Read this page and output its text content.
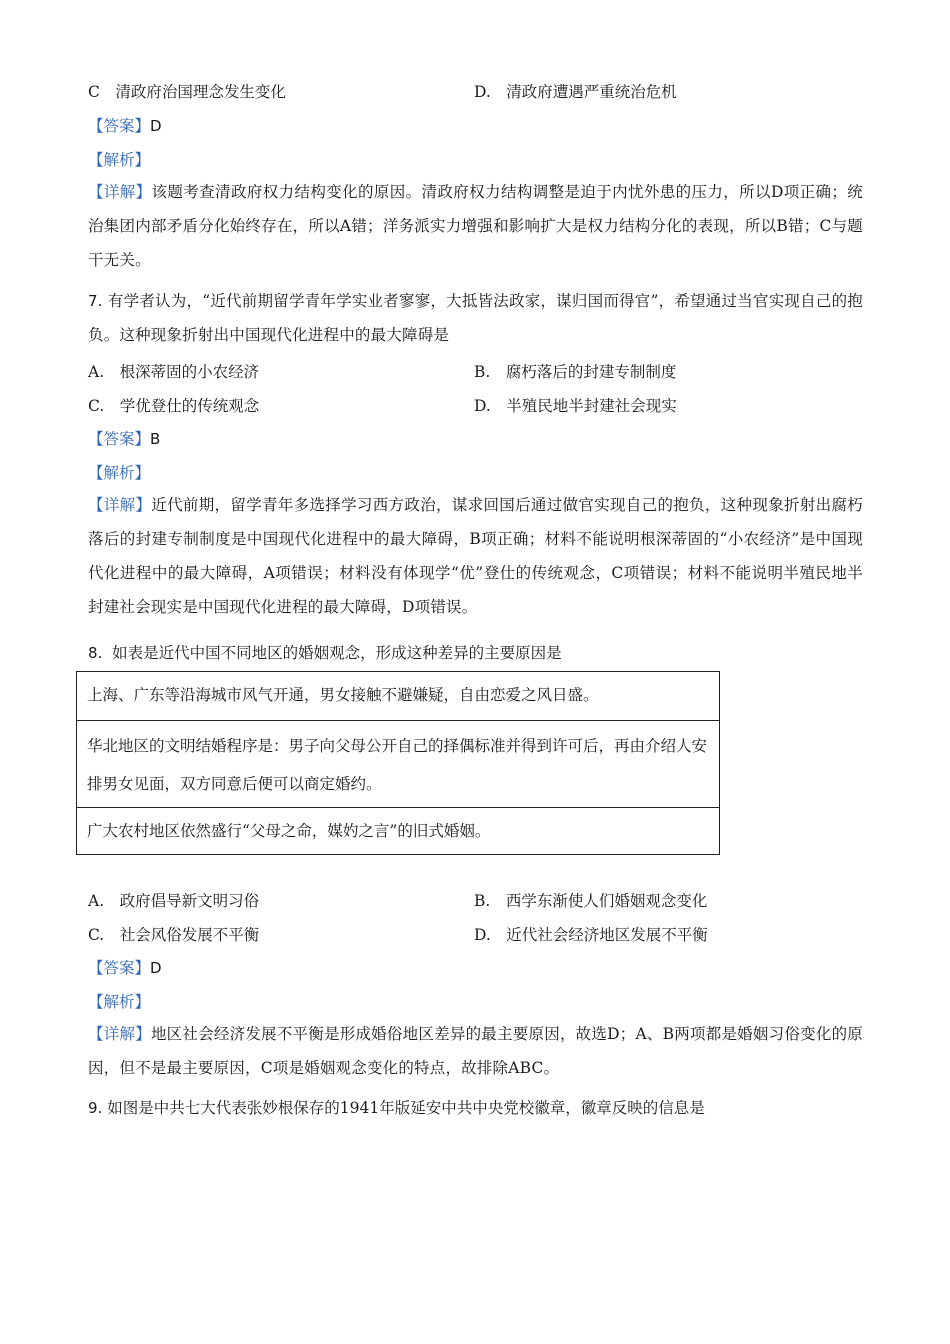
C　清政府治国理念发生变化	D.　清政府遭遇严重统治危机
【答案】D
【解析】
【详解】该题考查清政府权力结构变化的原因。清政府权力结构调整是迫于内忧外患的压力，所以D项正确；统治集团内部矛盾分化始终存在，所以A错；洋务派实力增强和影响扩大是权力结构分化的表现，所以B错；C与题干无关。
7. 有学者认为，“近代前期留学青年学实业者寥寥，大抵皆法政家，谋归国而得官”，希望通过当官实现自己的抱负。这种现象折射出中国现代化进程中的最大障碍是
A.　根深蒂固的小农经济	B.　腐朽落后的封建专制制度
C.　学优登仕的传统观念	D.　半殖民地半封建社会现实
【答案】B
【解析】
【详解】近代前期，留学青年多选择学习西方政治，谋求回国后通过做官实现自己的抱负，这种现象折射出腐朽落后的封建专制制度是中国现代化进程中的最大障碍，B项正确；材料不能说明根深蒂固的“小农经济”是中国现代化进程中的最大障碍，A项错误；材料没有体现学“优”登仕的传统观念，C项错误；材料不能说明半殖民地半封建社会现实是中国现代化进程的最大障碍，D项错误。
8. 如表是近代中国不同地区的婚姻观念，形成这种差异的主要原因是
上海、广东等沿海城市风气开通，男女接触不避嫌疑，自由恋爱之风日盛。
华北地区的文明结婚程序是：男子向父母公开自己的择偶标准并得到许可后，再由介绍人安排男女见面，双方同意后便可以商定婚约。
广大农村地区依然盛行“父母之命，媒妁之言”的旧式婚姻。
A.　政府倡导新文明习俗	B.　西学东渐使人们婚姻观念变化
C.　社会风俗发展不平衡	D.　近代社会经济地区发展不平衡
【答案】D
【解析】
【详解】地区社会经济发展不平衡是形成婚俗地区差异的最主要原因，故选D；A、B两项都是婚姻习俗变化的原因，但不是最主要原因，C项是婚姻观念变化的特点，故排除ABC。
9. 如图是中共七大代表张妙根保存的1941年版延安中共中央党校徽章，徽章反映的信息是
